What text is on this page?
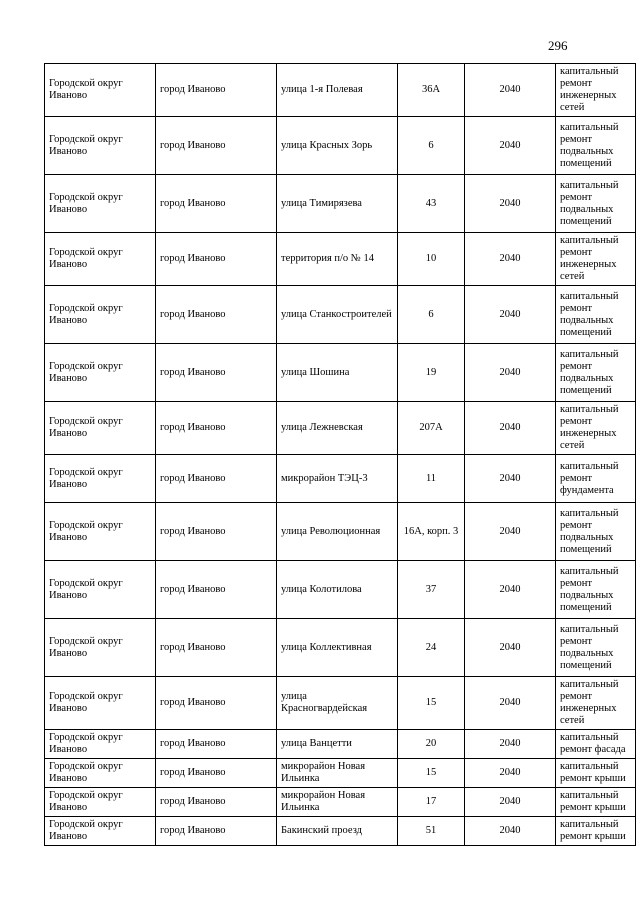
296
Городской округ Иваново	город Иваново	улица 1-я Полевая	36А	2040	капитальный ремонт инженерных сетей
Городской округ Иваново	город Иваново	улица Красных Зорь	6	2040	капитальный ремонт подвальных помещений
Городской округ Иваново	город Иваново	улица Тимирязева	43	2040	капитальный ремонт подвальных помещений
Городской округ Иваново	город Иваново	территория п/о № 14	10	2040	капитальный ремонт инженерных сетей
Городской округ Иваново	город Иваново	улица Станкостроителей	6	2040	капитальный ремонт подвальных помещений
Городской округ Иваново	город Иваново	улица Шошина	19	2040	капитальный ремонт подвальных помещений
Городской округ Иваново	город Иваново	улица Лежневская	207А	2040	капитальный ремонт инженерных сетей
Городской округ Иваново	город Иваново	микрорайон ТЭЦ-3	11	2040	капитальный ремонт фундамента
Городской округ Иваново	город Иваново	улица Революционная	16А, корп. 3	2040	капитальный ремонт подвальных помещений
Городской округ Иваново	город Иваново	улица Колотилова	37	2040	капитальный ремонт подвальных помещений
Городской округ Иваново	город Иваново	улица Коллективная	24	2040	капитальный ремонт подвальных помещений
Городской округ Иваново	город Иваново	улица Красногвардейская	15	2040	капитальный ремонт инженерных сетей
Городской округ Иваново	город Иваново	улица Ванцетти	20	2040	капитальный ремонт фасада
Городской округ Иваново	город Иваново	микрорайон Новая Ильинка	15	2040	капитальный ремонт крыши
Городской округ Иваново	город Иваново	микрорайон Новая Ильинка	17	2040	капитальный ремонт крыши
Городской округ Иваново	город Иваново	Бакинский проезд	51	2040	капитальный ремонт крыши
